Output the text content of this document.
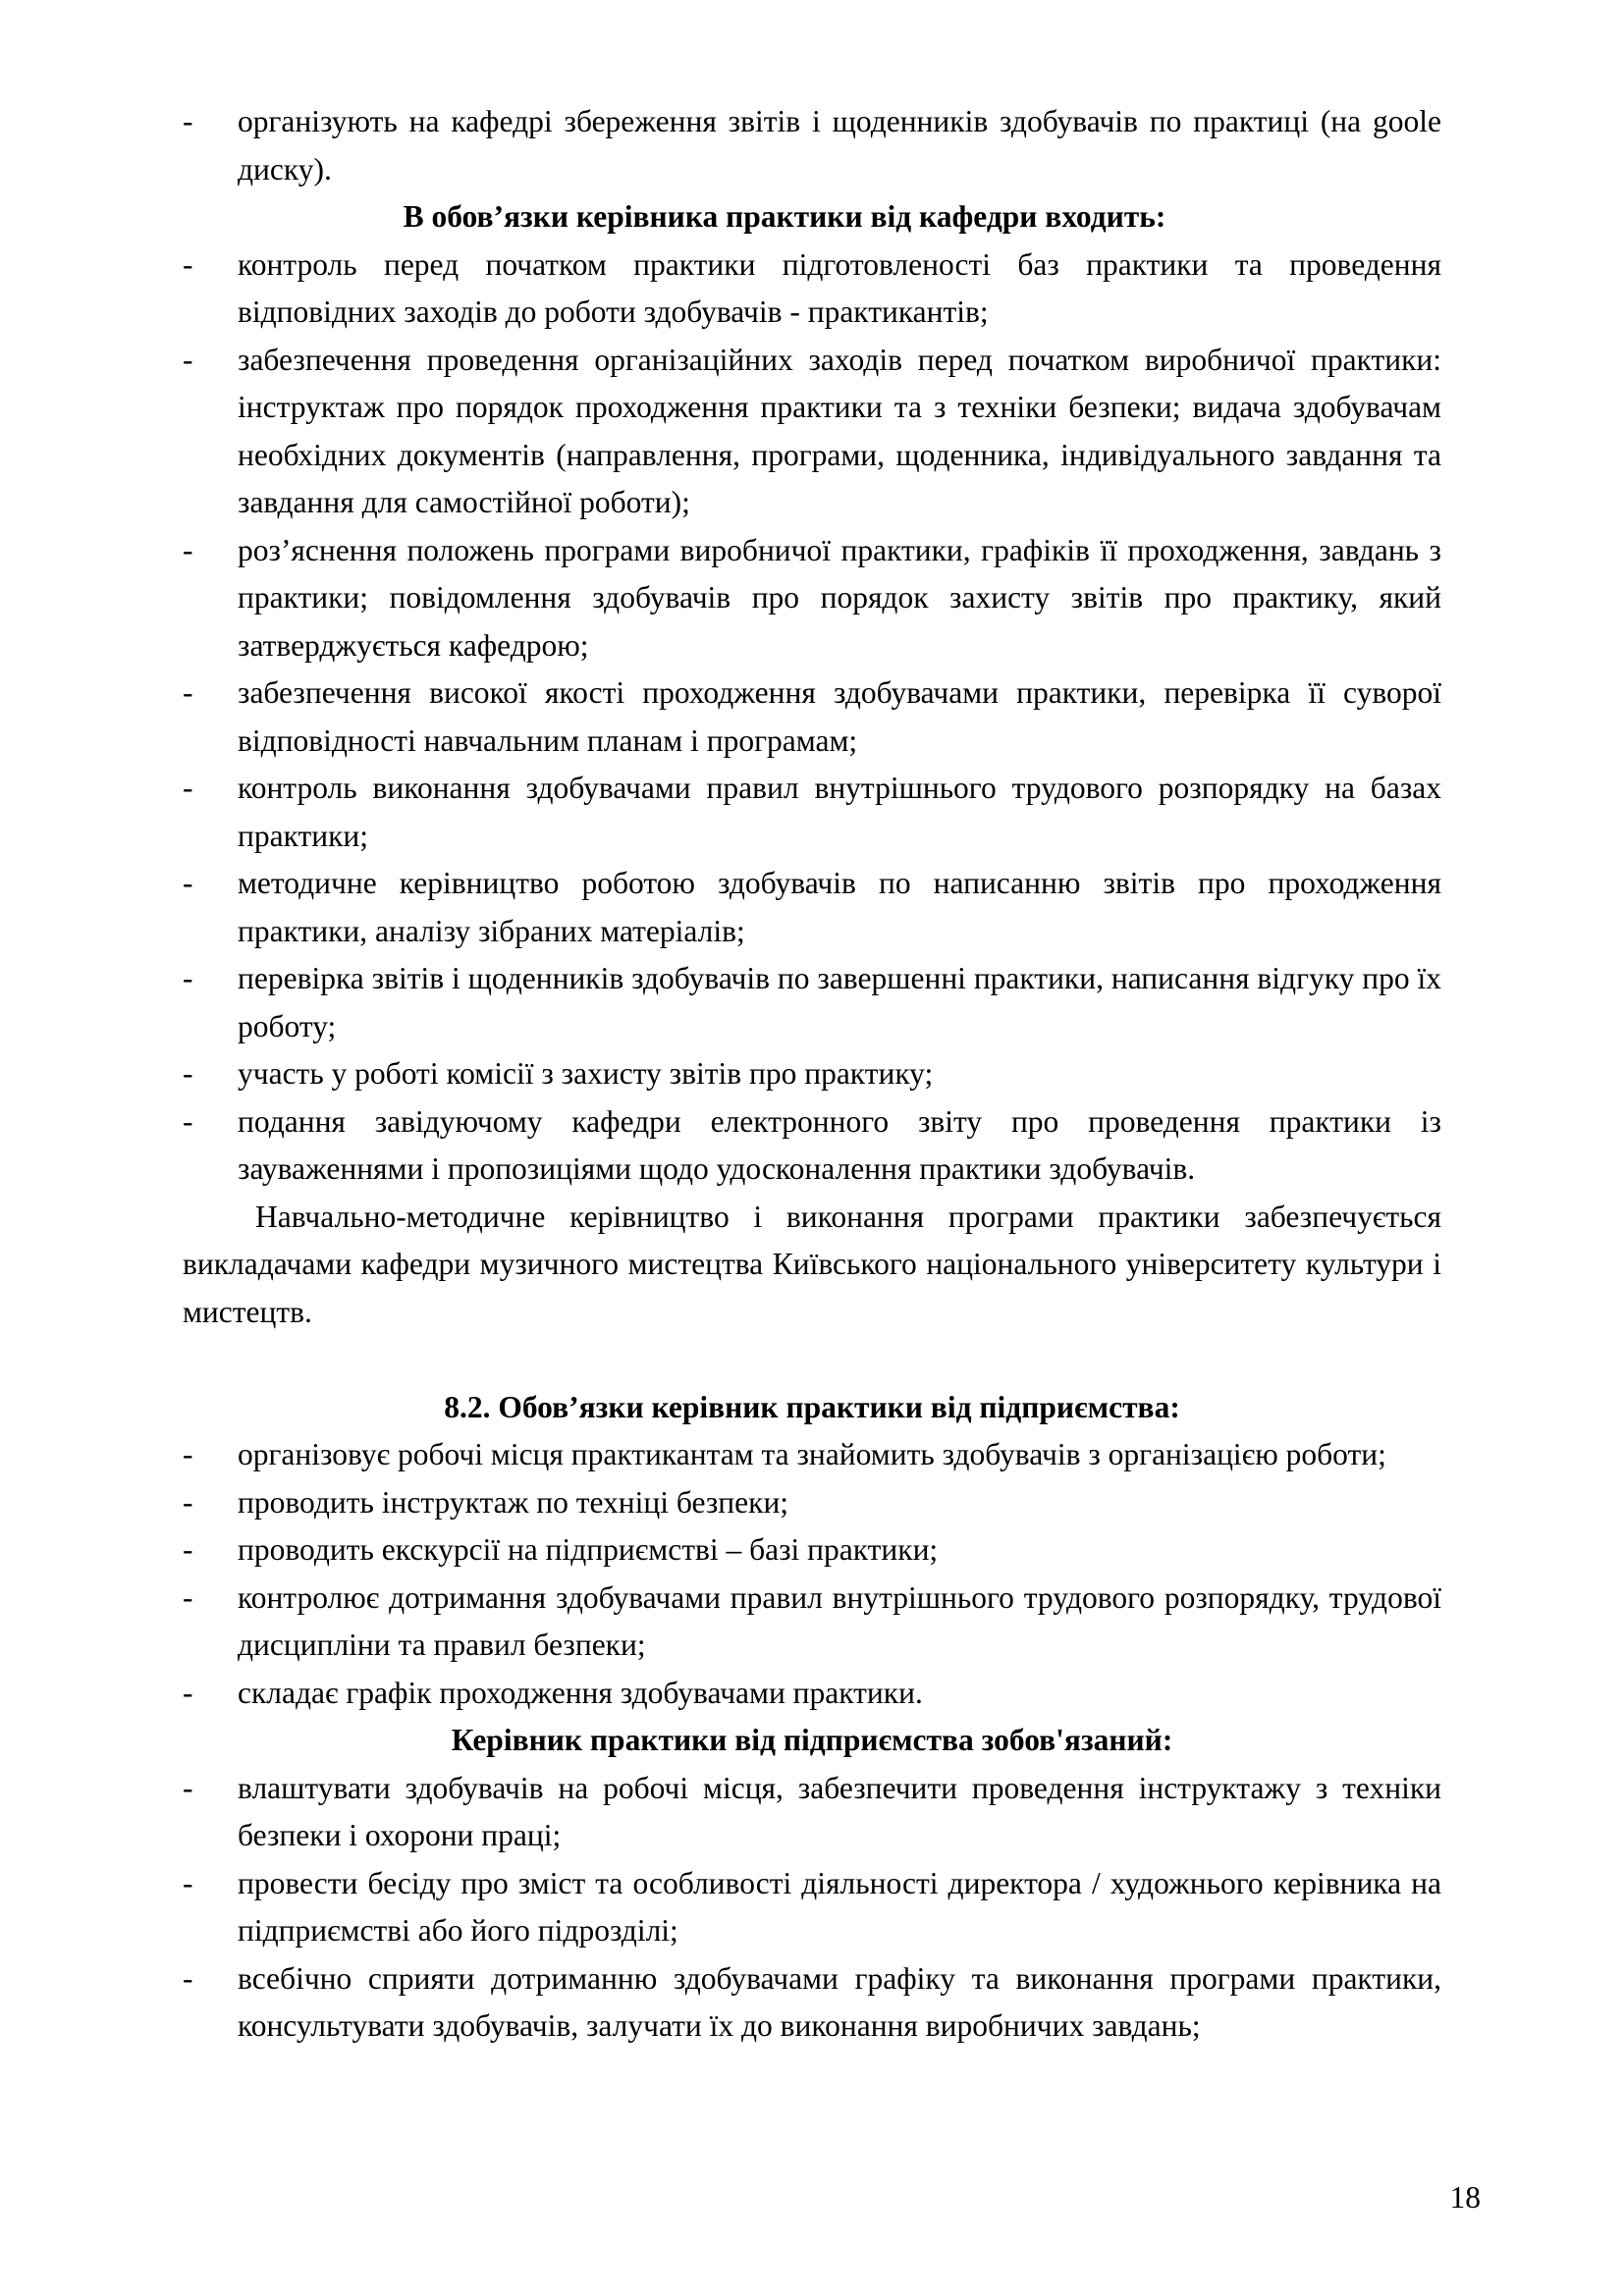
-	організують на кафедрі збереження звітів і щоденників здобувачів по практиці (на goole диску).

В обов’язки керівника практики від кафедри входить:

-	контроль перед початком практики підготовленості баз практики та проведення відповідних заходів до роботи здобувачів - практикантів;

-	забезпечення проведення організаційних заходів перед початком виробничої практики: інструктаж про порядок проходження практики та з техніки безпеки; видача здобувачам необхідних документів (направлення, програми, щоденника, індивідуального завдання та завдання для самостійної роботи);

-	роз’яснення положень програми виробничої практики, графіків її проходження, завдань з практики; повідомлення здобувачів про порядок захисту звітів про практику, який затверджується кафедрою;

-	забезпечення високої якості проходження здобувачами практики, перевірка її суворої відповідності навчальним планам і програмам;

-	контроль виконання здобувачами правил внутрішнього трудового розпорядку на базах практики;

-	методичне керівництво роботою здобувачів по написанню звітів про проходження практики, аналізу зібраних матеріалів;

-	перевірка звітів і щоденників здобувачів по завершенні практики, написання відгуку про їх роботу;

-	участь у роботі комісії з захисту звітів про практику;

-	подання завідуючому кафедри електронного звіту про проведення практики із зауваженнями і пропозиціями щодо удосконалення практики здобувачів.

Навчально-методичне керівництво і виконання програми практики забезпечується викладачами кафедри музичного мистецтва Київського національного університету культури і мистецтв.

8.2. Обов’язки керівник практики від підприємства:

-	організовує робочі місця практикантам та знайомить здобувачів з організацією роботи;

-	проводить інструктаж по техніці безпеки;

-	проводить екскурсії на підприємстві – базі практики;

-	контролює дотримання здобувачами правил внутрішнього трудового розпорядку, трудової дисципліни та правил безпеки;

-	складає графік проходження здобувачами практики.

Керівник практики від підприємства зобов'язаний:

-	влаштувати здобувачів на робочі місця, забезпечити проведення інструктажу з техніки безпеки і охорони праці;

-	провести бесіду про зміст та особливості діяльності директора / художнього керівника на підприємстві або його підрозділі;

-	всебічно сприяти дотриманню здобувачами графіку та виконання програми практики, консультувати здобувачів, залучати їх до виконання виробничих завдань;

18
